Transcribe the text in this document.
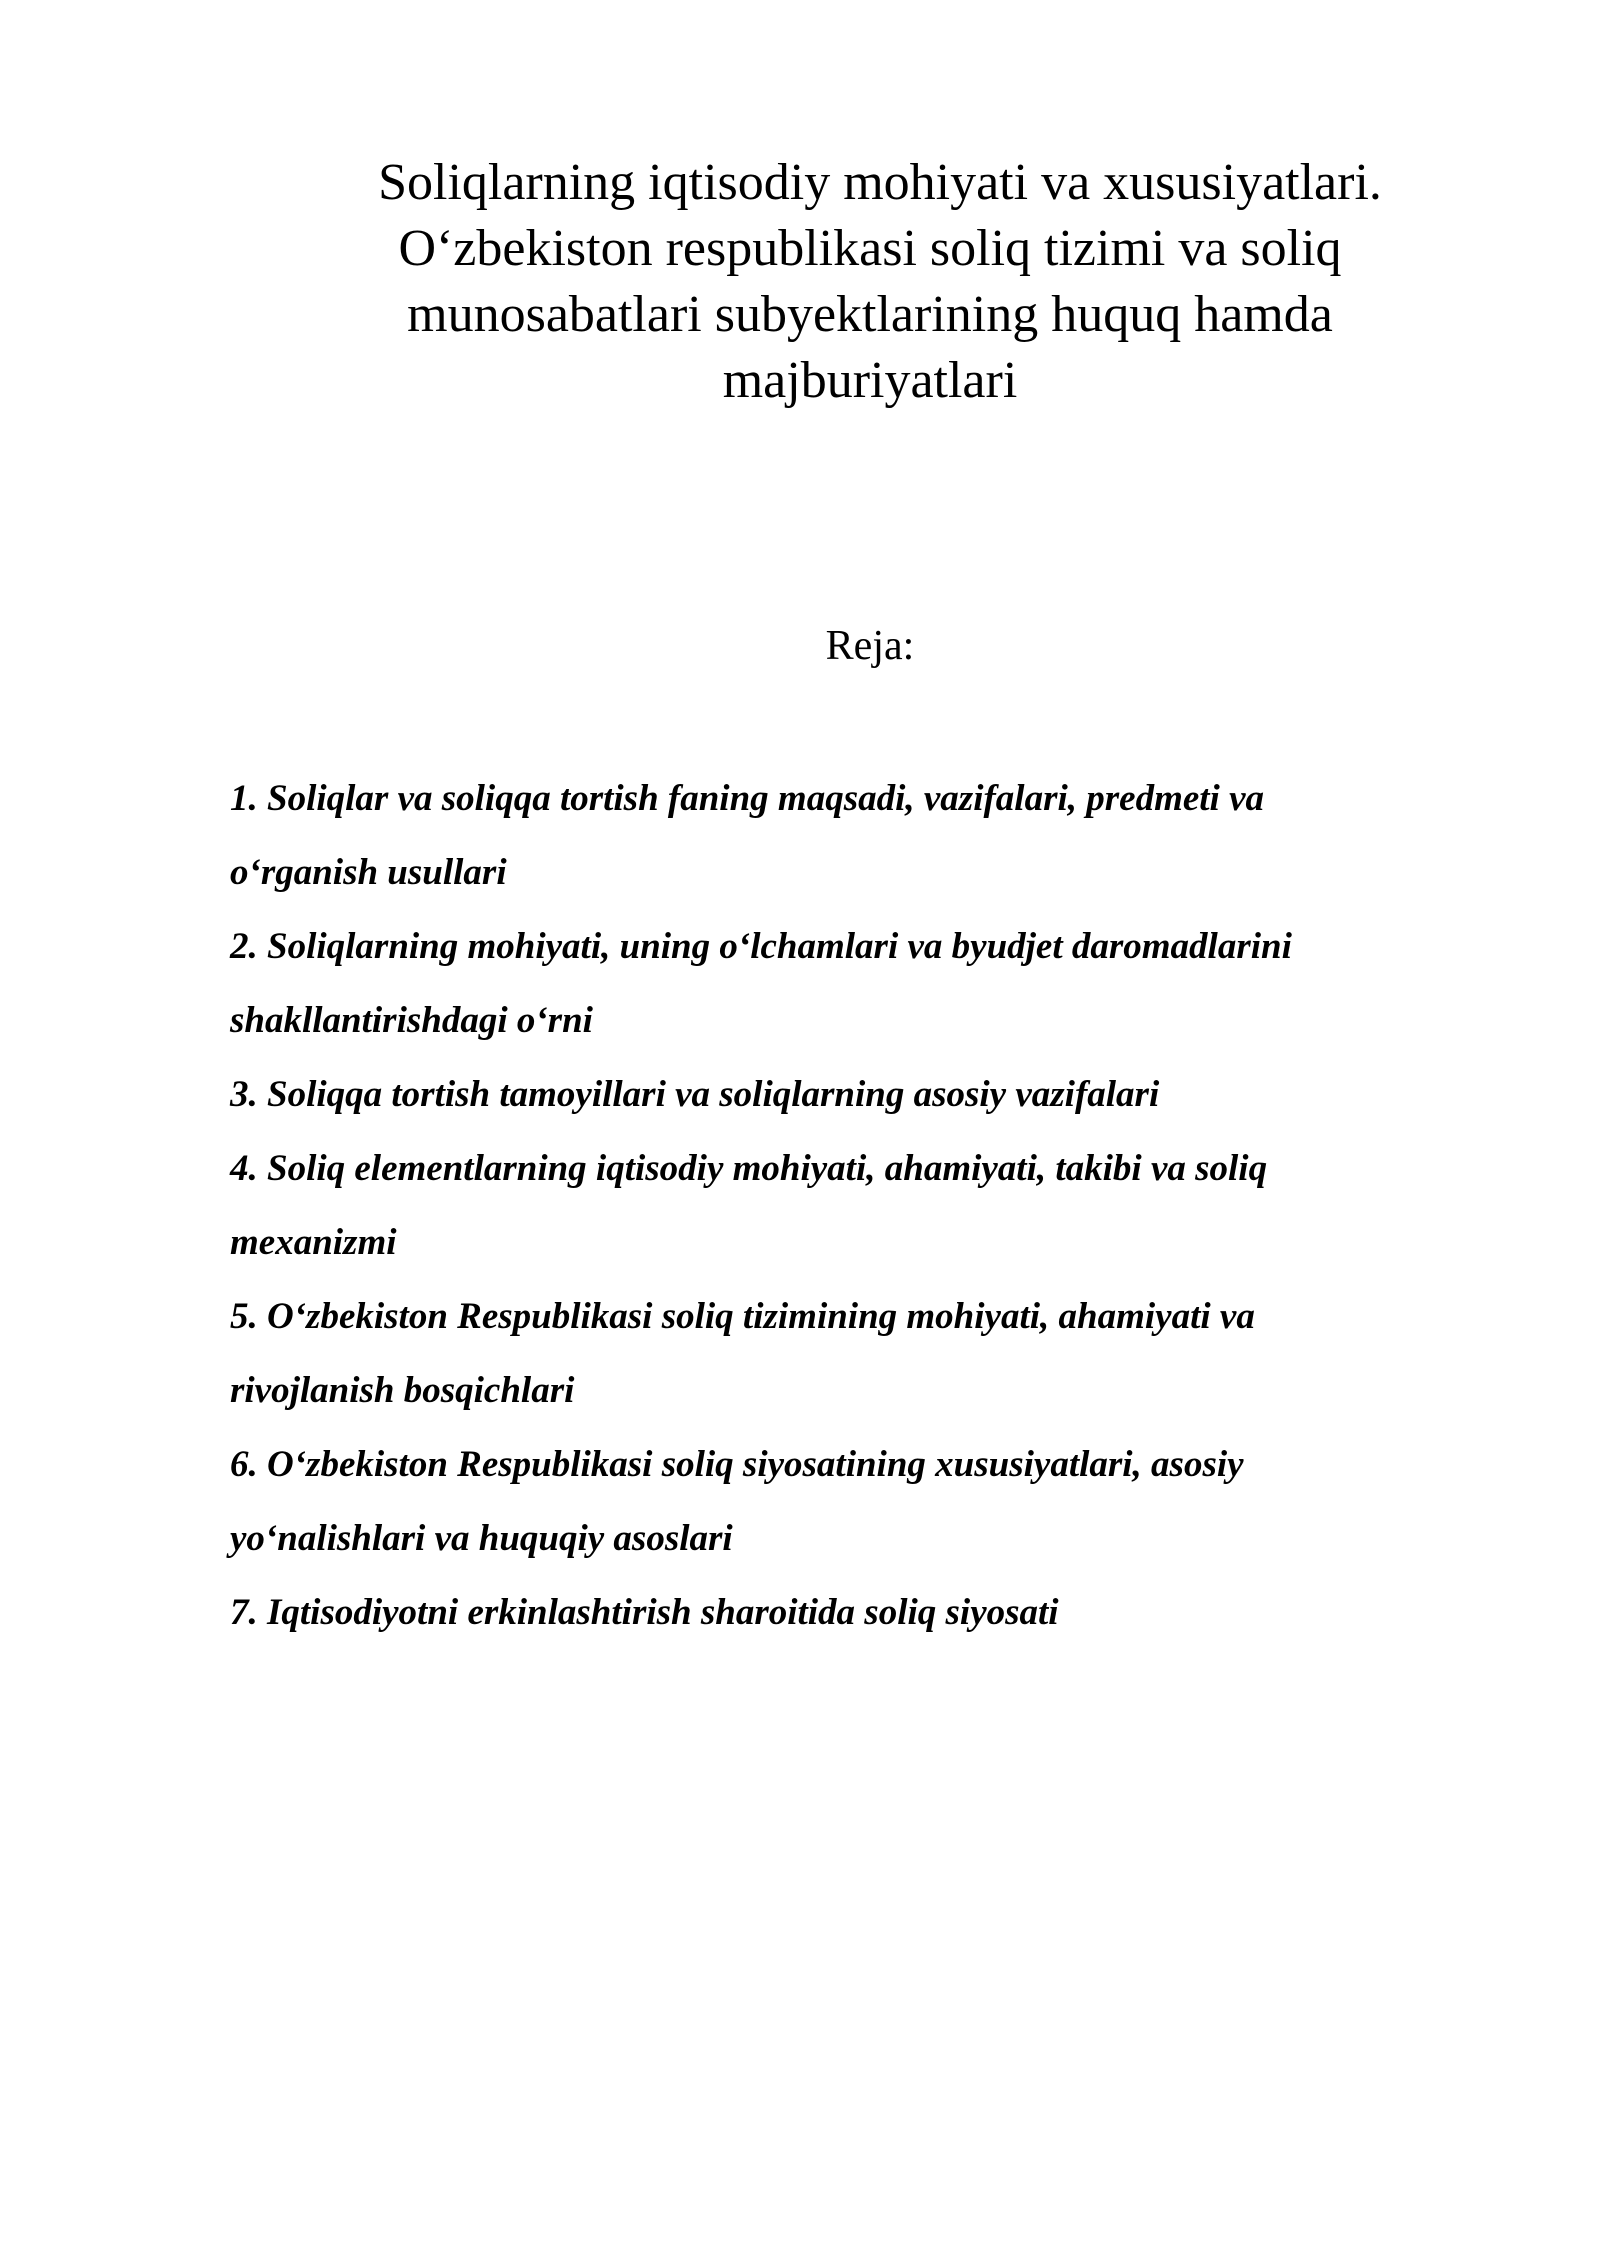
Soliqlarning iqtisodiy mohiyati va xususiyatlari.
O‘zbekiston respublikasi soliq tizimi va soliq
munosabatlari subyektlarining huquq hamda
majburiyatlari
Reja:
1. Soliqlar va soliqqa tortish faning maqsadi, vazifalari, predmeti va
o‘rganish usullari
2. Soliqlarning mohiyati, uning o‘lchamlari va byudjet daromadlarini
shakllantirishdagi o‘rni
3. Soliqqa tortish tamoyillari va soliqlarning asosiy vazifalari
4. Soliq elementlarning iqtisodiy mohiyati, ahamiyati, takibi va soliq
mexanizmi
5. O‘zbekiston Respublikasi soliq tizimining mohiyati, ahamiyati va
rivojlanish bosqichlari
6. O‘zbekiston Respublikasi soliq siyosatining xususiyatlari, asosiy
yo‘nalishlari va huquqiy asoslari
7. Iqtisodiyotni erkinlashtirish sharoitida soliq siyosati
